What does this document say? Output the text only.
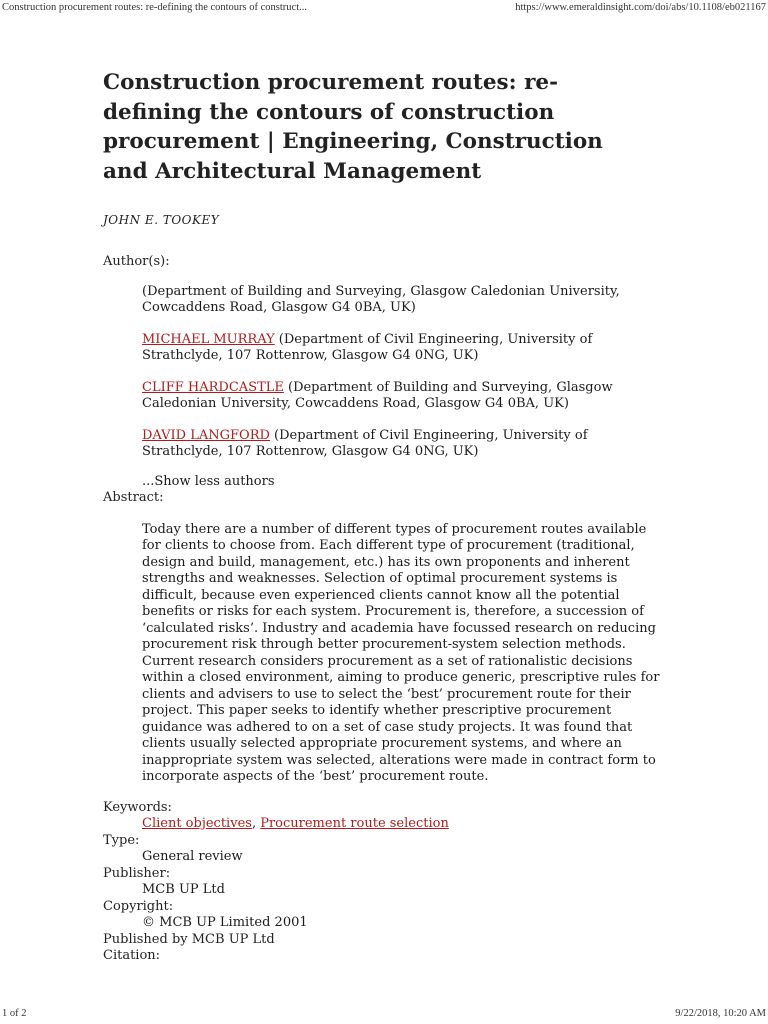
Construction procurement routes: re-defining the contours of construct...	https://www.emeraldinsight.com/doi/abs/10.1108/eb021167
Construction procurement routes: re-defining the contours of construction procurement | Engineering, Construction and Architectural Management
JOHN E. TOOKEY
Author(s):
(Department of Building and Surveying, Glasgow Caledonian University, Cowcaddens Road, Glasgow G4 0BA, UK)
MICHAEL MURRAY (Department of Civil Engineering, University of Strathclyde, 107 Rottenrow, Glasgow G4 0NG, UK)
CLIFF HARDCASTLE (Department of Building and Surveying, Glasgow Caledonian University, Cowcaddens Road, Glasgow G4 0BA, UK)
DAVID LANGFORD (Department of Civil Engineering, University of Strathclyde, 107 Rottenrow, Glasgow G4 0NG, UK)
...Show less authors
Abstract:
Today there are a number of different types of procurement routes available for clients to choose from. Each different type of procurement (traditional, design and build, management, etc.) has its own proponents and inherent strengths and weaknesses. Selection of optimal procurement systems is difficult, because even experienced clients cannot know all the potential benefits or risks for each system. Procurement is, therefore, a succession of ‘calculated risks’. Industry and academia have focussed research on reducing procurement risk through better procurement-system selection methods. Current research considers procurement as a set of rationalistic decisions within a closed environment, aiming to produce generic, prescriptive rules for clients and advisers to use to select the ‘best’ procurement route for their project. This paper seeks to identify whether prescriptive procurement guidance was adhered to on a set of case study projects. It was found that clients usually selected appropriate procurement systems, and where an inappropriate system was selected, alterations were made in contract form to incorporate aspects of the ‘best’ procurement route.
Keywords:
Client objectives, Procurement route selection
Type:
General review
Publisher:
MCB UP Ltd
Copyright:
© MCB UP Limited 2001
Published by MCB UP Ltd
Citation:
1 of 2	9/22/2018, 10:20 AM
